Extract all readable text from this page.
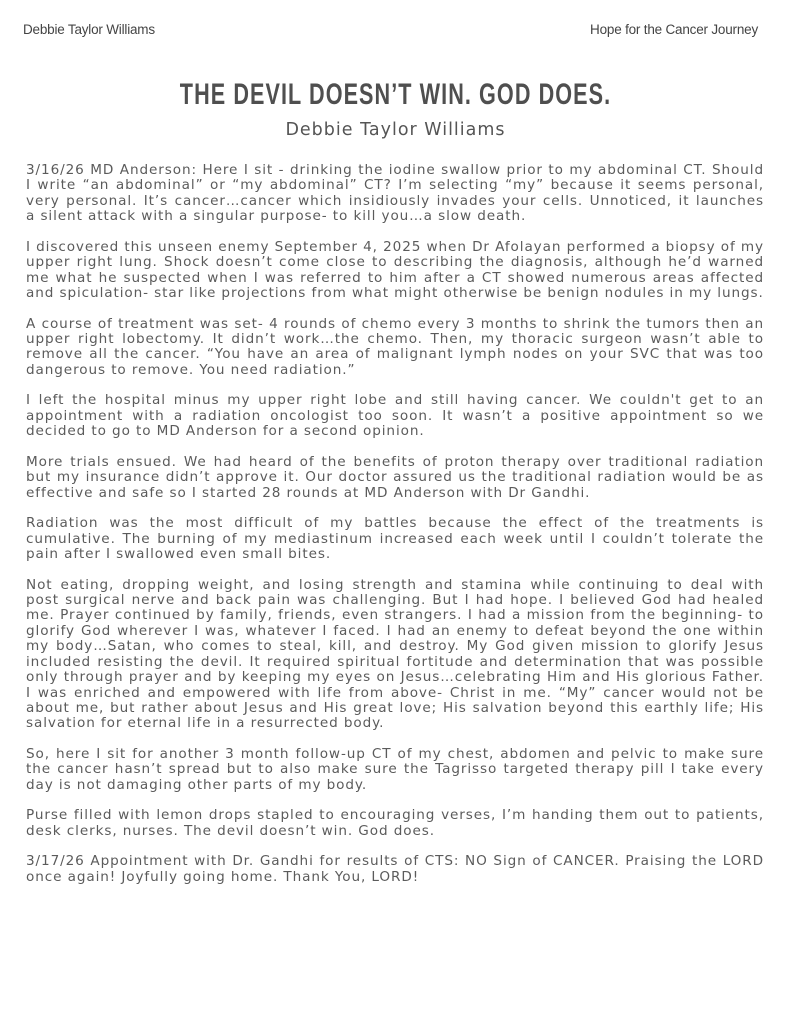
Debbie Taylor Williams	Hope for the Cancer Journey
THE DEVIL DOESN’T WIN. GOD DOES.
Debbie Taylor Williams

3/16/26 MD Anderson: Here I sit - drinking the iodine swallow prior to my abdominal CT. Should I write “an abdominal” or “my abdominal” CT? I’m selecting “my” because it seems personal, very personal. It’s cancer…cancer which insidiously invades your cells. Unnoticed, it launches a silent attack with a singular purpose- to kill you…a slow death.

I discovered this unseen enemy September 4, 2025 when Dr Afolayan performed a biopsy of my upper right lung. Shock doesn’t come close to describing the diagnosis, although he’d warned me what he suspected when I was referred to him after a CT showed numerous areas affected and spiculation- star like projections from what might otherwise be benign nodules in my lungs.

A course of treatment was set- 4 rounds of chemo every 3 months to shrink the tumors then an upper right lobectomy. It didn’t work…the chemo. Then, my thoracic surgeon wasn’t able to remove all the cancer. “You have an area of malignant lymph nodes on your SVC that was too dangerous to remove. You need radiation.”

I left the hospital minus my upper right lobe and still having cancer. We couldn't get to an appointment with a radiation oncologist too soon. It wasn’t a positive appointment so we decided to go to MD Anderson for a second opinion.

More trials ensued. We had heard of the benefits of proton therapy over traditional radiation but my insurance didn’t approve it. Our doctor assured us the traditional radiation would be as effective and safe so I started 28 rounds at MD Anderson with Dr Gandhi.

Radiation was the most difficult of my battles because the effect of the treatments is cumulative. The burning of my mediastinum increased each week until I couldn’t tolerate the pain after I swallowed even small bites.

Not eating, dropping weight, and losing strength and stamina while continuing to deal with post surgical nerve and back pain was challenging. But I had hope. I believed God had healed me. Prayer continued by family, friends, even strangers. I had a mission from the beginning- to glorify God wherever I was, whatever I faced. I had an enemy to defeat beyond the one within my body…Satan, who comes to steal, kill, and destroy. My God given mission to glorify Jesus included resisting the devil. It required spiritual fortitude and determination that was possible only through prayer and by keeping my eyes on Jesus…celebrating Him and His glorious Father. I was enriched and empowered with life from above- Christ in me. “My” cancer would not be about me, but rather about Jesus and His great love; His salvation beyond this earthly life; His salvation for eternal life in a resurrected body.

So, here I sit for another 3 month follow-up CT of my chest, abdomen and pelvic to make sure the cancer hasn’t spread but to also make sure the Tagrisso targeted therapy pill I take every day is not damaging other parts of my body.

Purse filled with lemon drops stapled to encouraging verses, I’m handing them out to patients, desk clerks, nurses. The devil doesn’t win. God does.

3/17/26 Appointment with Dr. Gandhi for results of CTS: NO Sign of CANCER. Praising the LORD once again! Joyfully going home. Thank You, LORD!
